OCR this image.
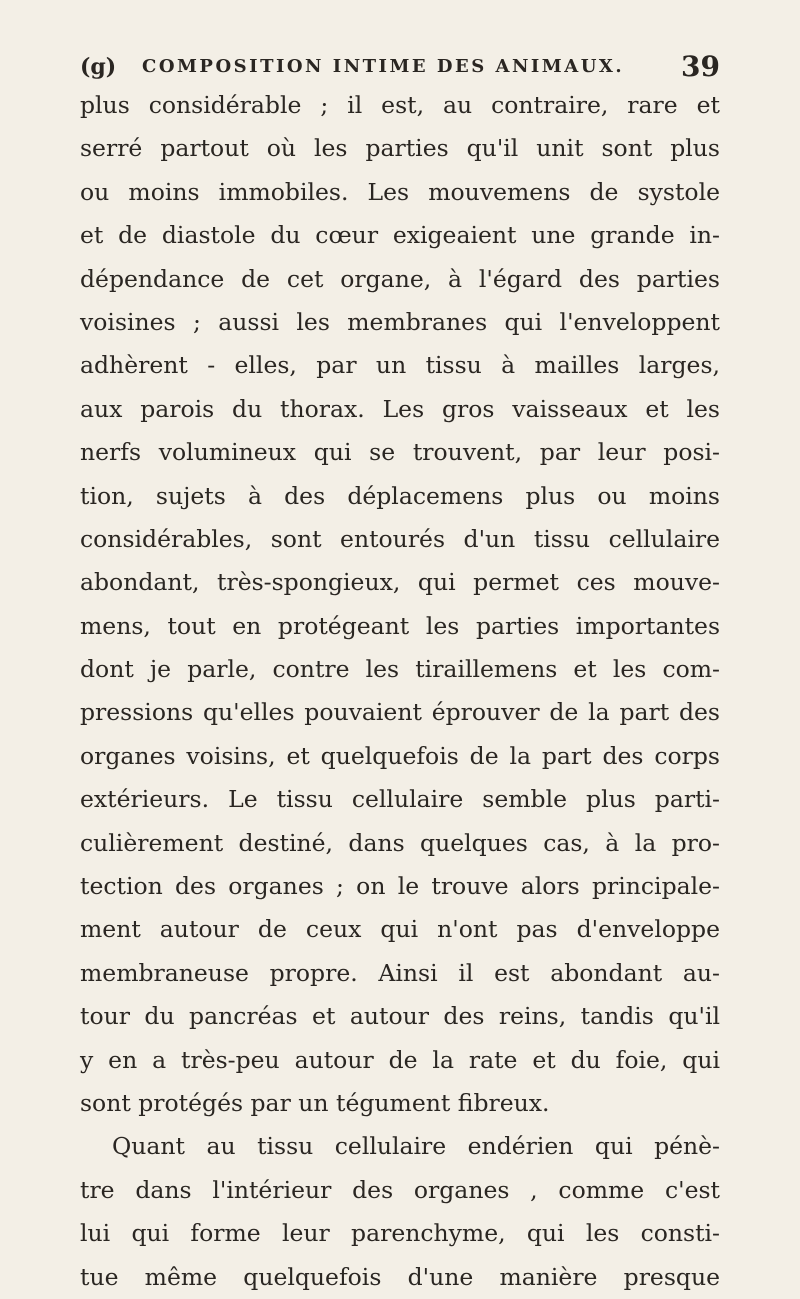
(g) COMPOSITION INTIME DES ANIMAUX. 39
plus considérable ; il est, au contraire, rare et
serré partout où les parties qu'il unit sont plus
ou moins immobiles. Les mouvemens de systole
et de diastole du cœur exigeaient une grande in-
dépendance de cet organe, à l'égard des parties
voisines ; aussi les membranes qui l'enveloppent
adhèrent - elles, par un tissu à mailles larges,
aux parois du thorax. Les gros vaisseaux et les
nerfs volumineux qui se trouvent, par leur posi-
tion, sujets à des déplacemens plus ou moins
considérables, sont entourés d'un tissu cellulaire
abondant, très-spongieux, qui permet ces mouve-
mens, tout en protégeant les parties importantes
dont je parle, contre les tiraillemens et les com-
pressions qu'elles pouvaient éprouver de la part des
organes voisins, et quelquefois de la part des corps
extérieurs. Le tissu cellulaire semble plus parti-
culièrement destiné, dans quelques cas, à la pro-
tection des organes ; on le trouve alors principale-
ment autour de ceux qui n'ont pas d'enveloppe
membraneuse propre. Ainsi il est abondant au-
tour du pancréas et autour des reins, tandis qu'il
y en a très-peu autour de la rate et du foie, qui
sont protégés par un tégument fibreux.
Quant au tissu cellulaire endérien qui pénè-
tre dans l'intérieur des organes , comme c'est
lui qui forme leur parenchyme, qui les consti-
tue même quelquefois d'une manière presque
